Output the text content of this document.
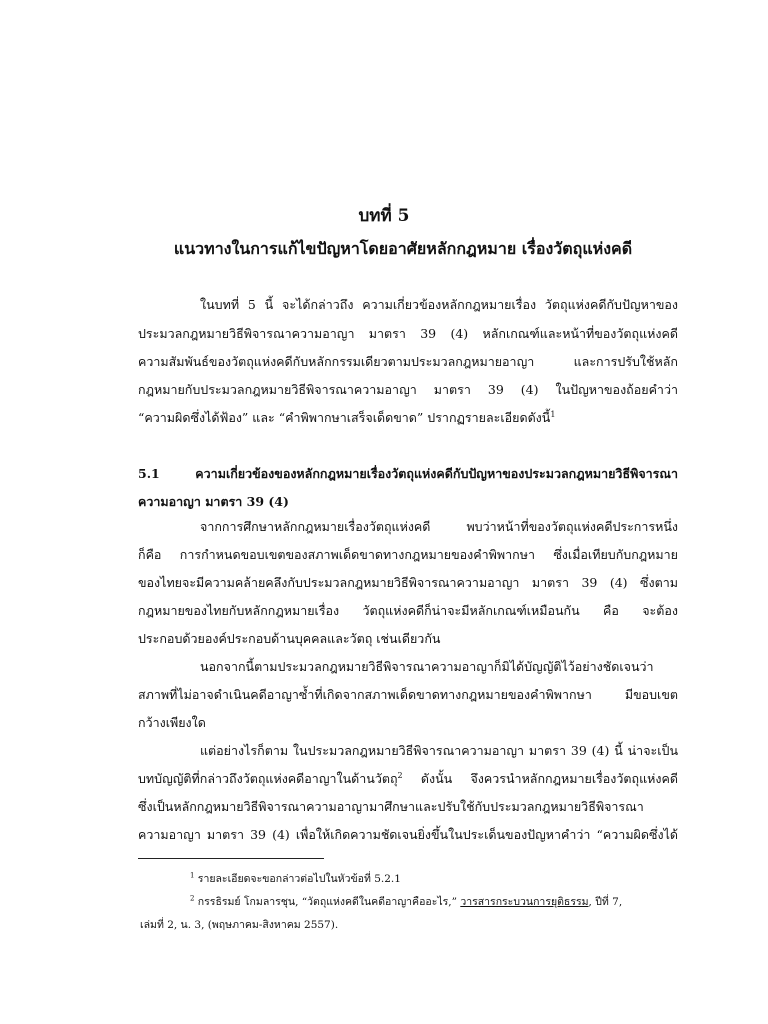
บทที่ 5
แนวทางในการแก้ไขปัญหาโดยอาศัยหลักกฎหมาย เรื่องวัตถุแห่งคดี
ในบทที่ 5 นี้ จะได้กล่าวถึง ความเกี่ยวข้องหลักกฎหมายเรื่อง วัตถุแห่งคดีกับปัญหาของ
ประมวลกฎหมายวิธีพิจารณาความอาญา มาตรา 39 (4) หลักเกณฑ์และหน้าที่ของวัตถุแห่งคดี
ความสัมพันธ์ของวัตถุแห่งคดีกับหลักกรรมเดียวตามประมวลกฎหมายอาญา และการปรับใช้หลัก
กฎหมายกับประมวลกฎหมายวิธีพิจารณาความอาญา มาตรา 39 (4) ในปัญหาของถ้อยคำว่า
“ความผิดซึ่งได้ฟ้อง” และ “คำพิพากษาเสร็จเด็ดขาด” ปรากฏรายละเอียดดังนี้$^1$
5.1 ความเกี่ยวข้องของหลักกฎหมายเรื่องวัตถุแห่งคดีกับปัญหาของประมวลกฎหมายวิธีพิจารณา
ความอาญา มาตรา 39 (4)
จากการศึกษาหลักกฎหมายเรื่องวัตถุแห่งคดี พบว่าหน้าที่ของวัตถุแห่งคดีประการหนึ่ง
ก็คือ การกำหนดขอบเขตของสภาพเด็ดขาดทางกฎหมายของคำพิพากษา ซึ่งเมื่อเทียบกับกฎหมาย
ของไทยจะมีความคล้ายคลึงกับประมวลกฎหมายวิธีพิจารณาความอาญา มาตรา 39 (4) ซึ่งตาม
กฎหมายของไทยกับหลักกฎหมายเรื่อง วัตถุแห่งคดีก็น่าจะมีหลักเกณฑ์เหมือนกัน คือ จะต้อง
ประกอบด้วยองค์ประกอบด้านบุคคลและวัตถุ เช่นเดียวกัน
นอกจากนี้ตามประมวลกฎหมายวิธีพิจารณาความอาญาก็มิได้บัญญัติไว้อย่างชัดเจนว่า
สภาพที่ไม่อาจดำเนินคดีอาญาซ้ำที่เกิดจากสภาพเด็ดขาดทางกฎหมายของคำพิพากษา มีขอบเขต
กว้างเพียงใด
แต่อย่างไรก็ตาม ในประมวลกฎหมายวิธีพิจารณาความอาญา มาตรา 39 (4) นี้ น่าจะเป็น
บทบัญญัติที่กล่าวถึงวัตถุแห่งคดีอาญาในด้านวัตถุ$^2$ ดังนั้น จึงควรนำหลักกฎหมายเรื่องวัตถุแห่งคดี
ซึ่งเป็นหลักกฎหมายวิธีพิจารณาความอาญามาศึกษาและปรับใช้กับประมวลกฎหมายวิธีพิจารณา
ความอาญา มาตรา 39 (4) เพื่อให้เกิดความชัดเจนยิ่งขึ้นในประเด็นของปัญหาคำว่า “ความผิดซึ่งได้
$^1$ รายละเอียดจะขอกล่าวต่อไปในหัวข้อที่ 5.2.1
$^2$ กรรธิรมย์ โกมลารชุน, “วัตถุแห่งคดีในคดีอาญาคืออะไร,” วารสารกระบวนการยุติธรรม, ปีที่ 7,
เล่มที่ 2, น. 3, (พฤษภาคม-สิงหาคม 2557).
